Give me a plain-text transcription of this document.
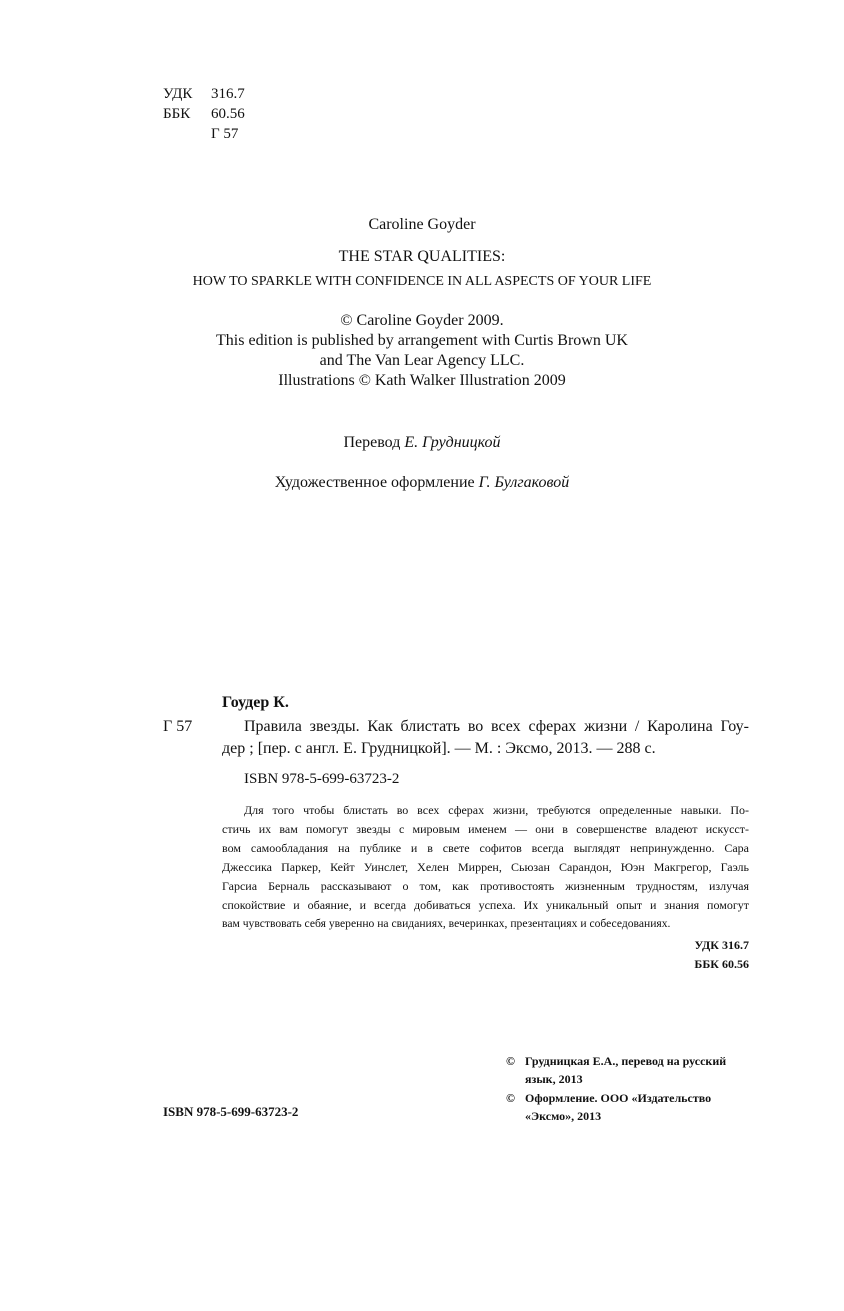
УДК 316.7
ББК 60.56
Г 57
Caroline Goyder
THE STAR QUALITIES:
HOW TO SPARKLE WITH CONFIDENCE IN ALL ASPECTS OF YOUR LIFE
© Caroline Goyder 2009.
This edition is published by arrangement with Curtis Brown UK
and The Van Lear Agency LLC.
Illustrations © Kath Walker Illustration 2009
Перевод Е. Грудницкой
Художественное оформление Г. Булгаковой
Гоудер К.
Г 57	Правила звезды. Как блистать во всех сферах жизни / Каролина Гоу-
дер ; [пер. с англ. Е. Грудницкой]. — М. : Эксмо, 2013. — 288 с.
ISBN 978-5-699-63723-2
Для того чтобы блистать во всех сферах жизни, требуются определенные навыки. По-
стичь их вам помогут звезды с мировым именем — они в совершенстве владеют искусст-
вом самообладания на публике и в свете софитов всегда выглядят непринужденно. Сара
Джессика Паркер, Кейт Уинслет, Хелен Миррен, Сьюзан Сарандон, Юэн Макгрегор, Гаэль
Гарсиа Берналь рассказывают о том, как противостоять жизненным трудностям, излучая
спокойствие и обаяние, и всегда добиваться успеха. Их уникальный опыт и знания помогут
вам чувствовать себя уверенно на свиданиях, вечеринках, презентациях и собеседованиях.
УДК 316.7
ББК 60.56
ISBN 978-5-699-63723-2
© Грудницкая Е.А., перевод на русский
язык, 2013
© Оформление. ООО «Издательство
«Эксмо», 2013
